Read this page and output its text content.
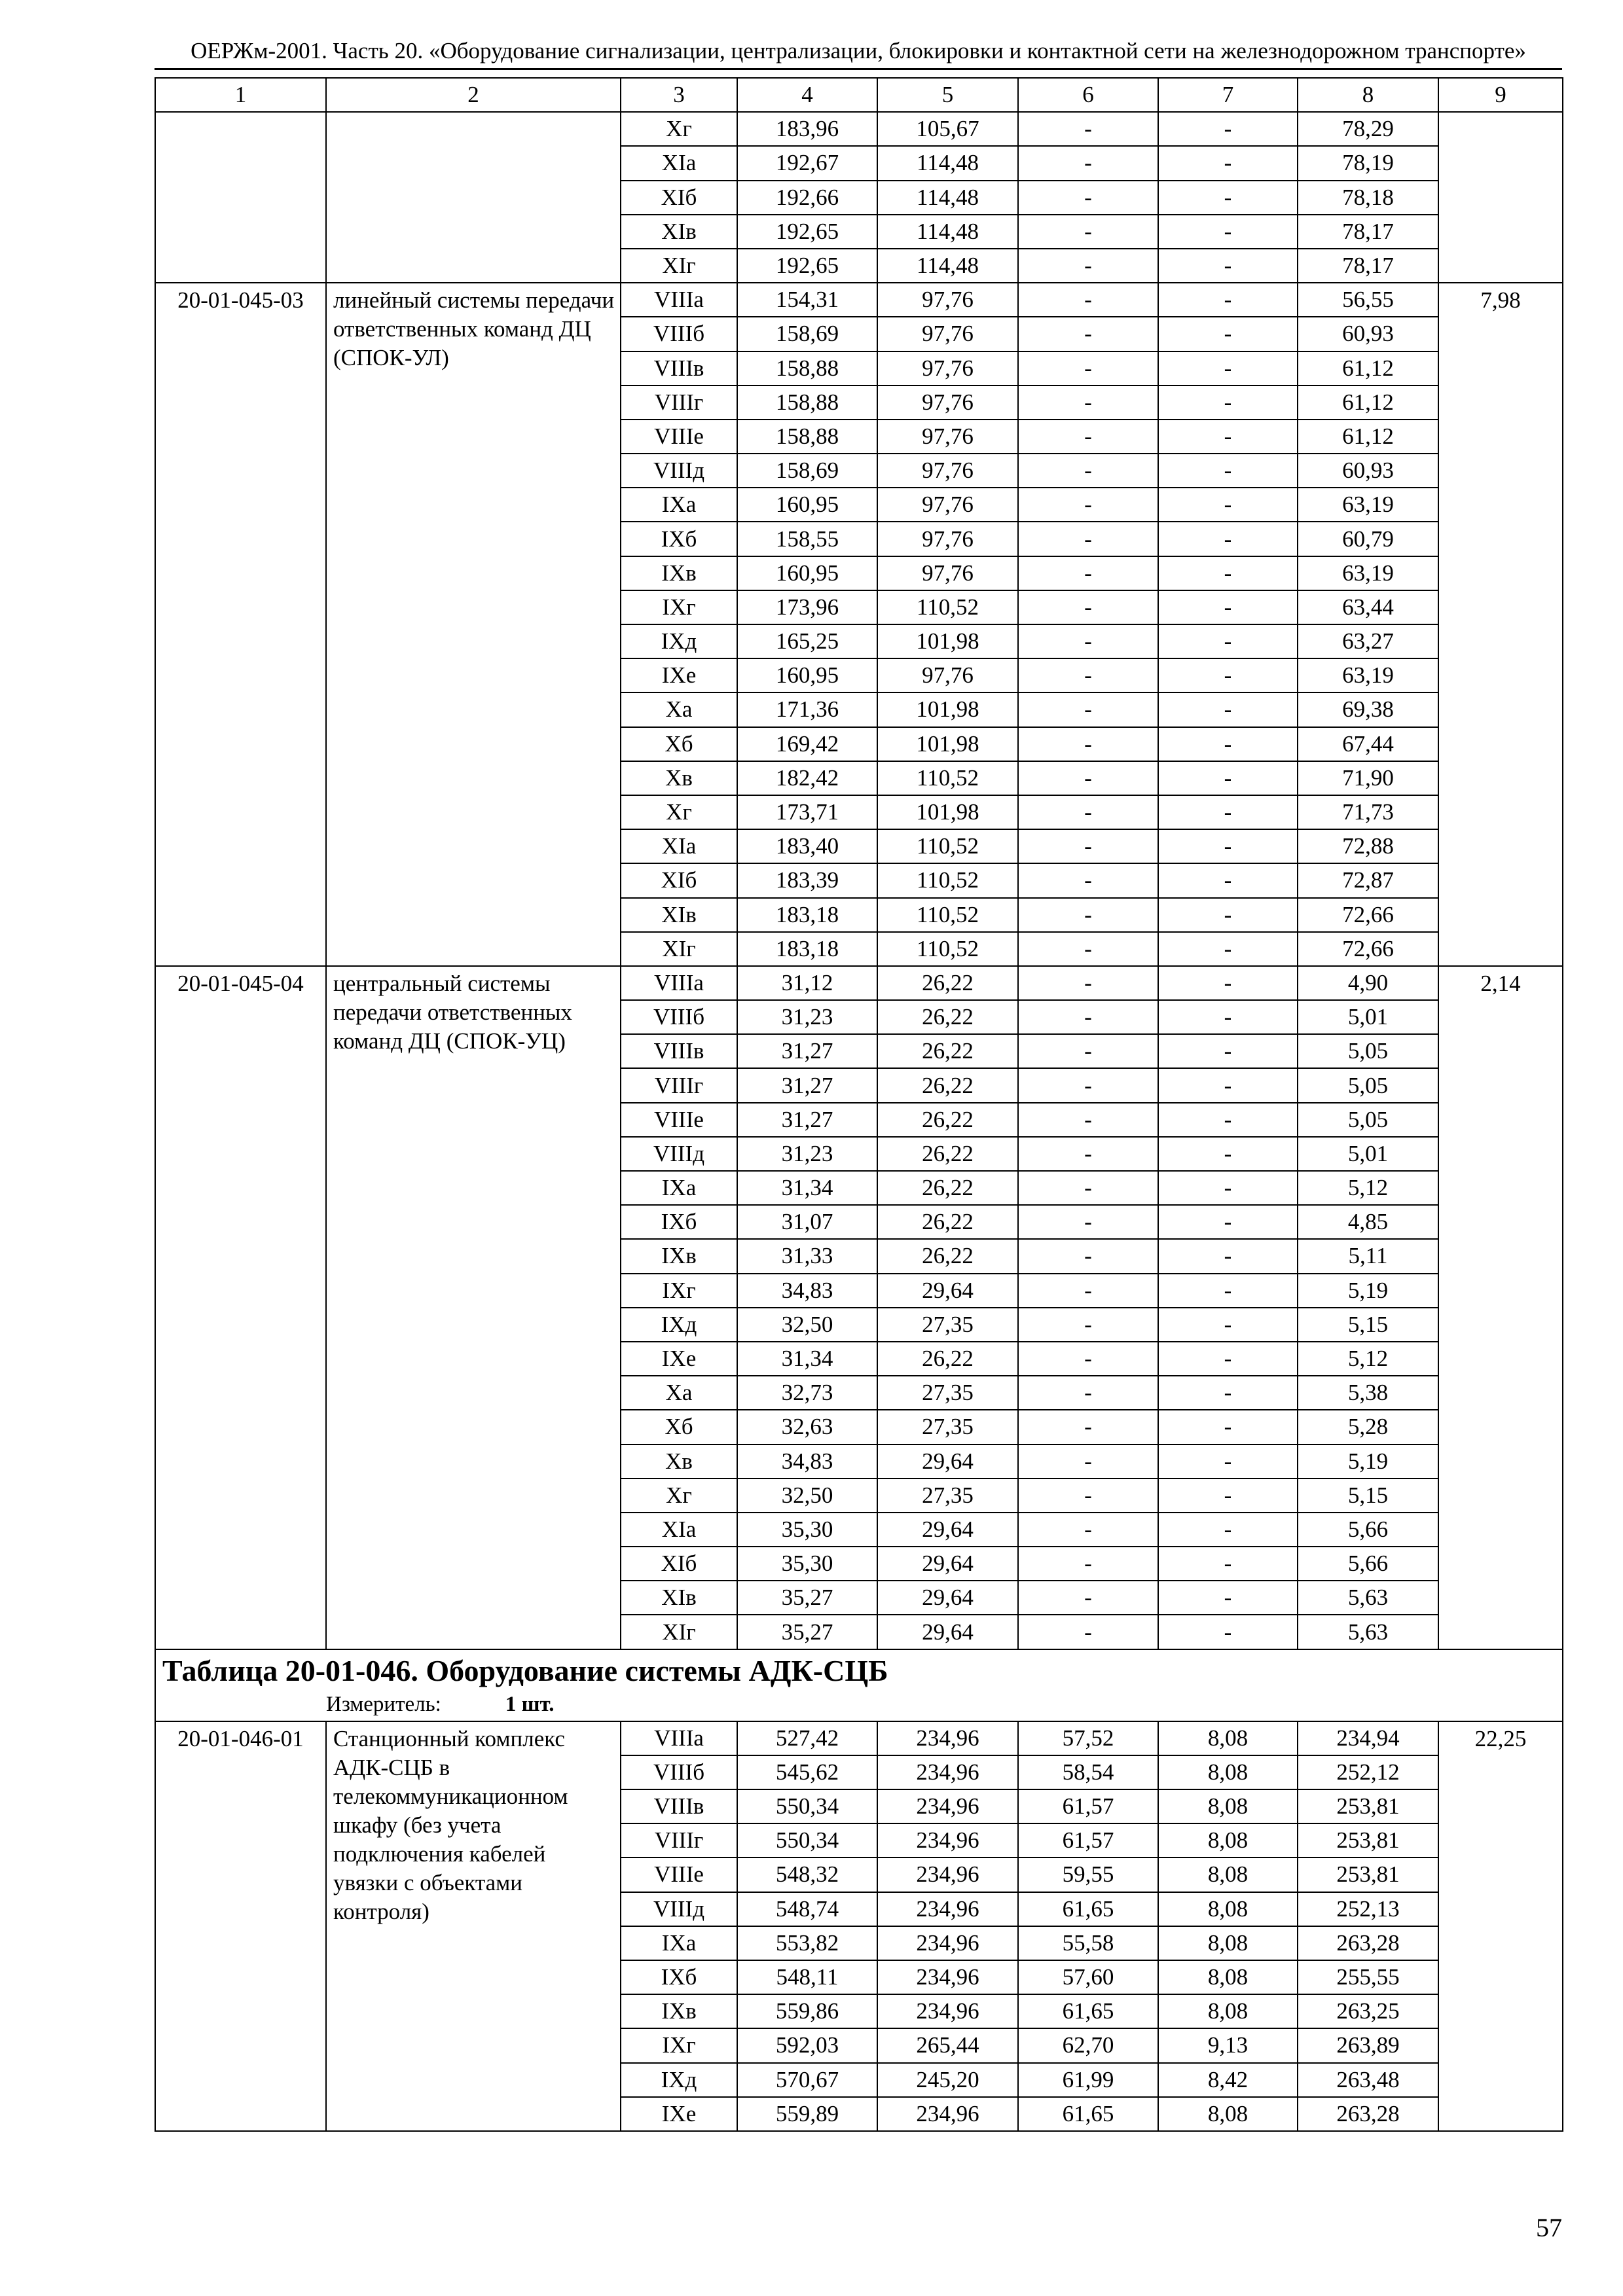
ОЕРЖм-2001. Часть 20. «Оборудование сигнализации, централизации, блокировки и контактной сети на железнодорожном транспорте»
1	2	3	4	5	6	7	8	9
		Xг	183,96	105,67	-	-	78,29	
		XIa	192,67	114,48	-	-	78,19	
		XIб	192,66	114,48	-	-	78,18	
		XIв	192,65	114,48	-	-	78,17	
		XIг	192,65	114,48	-	-	78,17	
20-01-045-03	линейный системы передачи ответственных команд ДЦ (СПОК-УЛ)	VIIIa	154,31	97,76	-	-	56,55	7,98
		VIIIб	158,69	97,76	-	-	60,93	
		VIIIв	158,88	97,76	-	-	61,12	
		VIIIг	158,88	97,76	-	-	61,12	
		VIIIe	158,88	97,76	-	-	61,12	
		VIIIд	158,69	97,76	-	-	60,93	
		IXa	160,95	97,76	-	-	63,19	
		IXб	158,55	97,76	-	-	60,79	
		IXв	160,95	97,76	-	-	63,19	
		IXг	173,96	110,52	-	-	63,44	
		IXд	165,25	101,98	-	-	63,27	
		IXe	160,95	97,76	-	-	63,19	
		Xa	171,36	101,98	-	-	69,38	
		Xб	169,42	101,98	-	-	67,44	
		Xв	182,42	110,52	-	-	71,90	
		Xг	173,71	101,98	-	-	71,73	
		XIa	183,40	110,52	-	-	72,88	
		XIб	183,39	110,52	-	-	72,87	
		XIв	183,18	110,52	-	-	72,66	
		XIг	183,18	110,52	-	-	72,66	
20-01-045-04	центральный системы передачи ответственных команд ДЦ (СПОК-УЦ)	VIIIa	31,12	26,22	-	-	4,90	2,14
		VIIIб	31,23	26,22	-	-	5,01	
		VIIIв	31,27	26,22	-	-	5,05	
		VIIIг	31,27	26,22	-	-	5,05	
		VIIIe	31,27	26,22	-	-	5,05	
		VIIIд	31,23	26,22	-	-	5,01	
		IXa	31,34	26,22	-	-	5,12	
		IXб	31,07	26,22	-	-	4,85	
		IXв	31,33	26,22	-	-	5,11	
		IXг	34,83	29,64	-	-	5,19	
		IXд	32,50	27,35	-	-	5,15	
		IXe	31,34	26,22	-	-	5,12	
		Xa	32,73	27,35	-	-	5,38	
		Xб	32,63	27,35	-	-	5,28	
		Xв	34,83	29,64	-	-	5,19	
		Xг	32,50	27,35	-	-	5,15	
		XIa	35,30	29,64	-	-	5,66	
		XIб	35,30	29,64	-	-	5,66	
		XIв	35,27	29,64	-	-	5,63	
		XIг	35,27	29,64	-	-	5,63	

Таблица 20-01-046. Оборудование системы АДК-СЦБ
Измеритель: 1 шт.								

20-01-046-01	Станционный комплекс АДК-СЦБ в телекоммуникационном шкафу (без учета подключения кабелей увязки с объектами контроля)	VIIIa	527,42	234,96	57,52	8,08	234,94	22,25
		VIIIб	545,62	234,96	58,54	8,08	252,12	
		VIIIв	550,34	234,96	61,57	8,08	253,81	
		VIIIг	550,34	234,96	61,57	8,08	253,81	
		VIIIe	548,32	234,96	59,55	8,08	253,81	
		VIIIд	548,74	234,96	61,65	8,08	252,13	
		IXa	553,82	234,96	55,58	8,08	263,28	
		IXб	548,11	234,96	57,60	8,08	255,55	
		IXв	559,86	234,96	61,65	8,08	263,25	
		IXг	592,03	265,44	62,70	9,13	263,89	
		IXд	570,67	245,20	61,99	8,42	263,48	
		IXe	559,89	234,96	61,65	8,08	263,28	
57
